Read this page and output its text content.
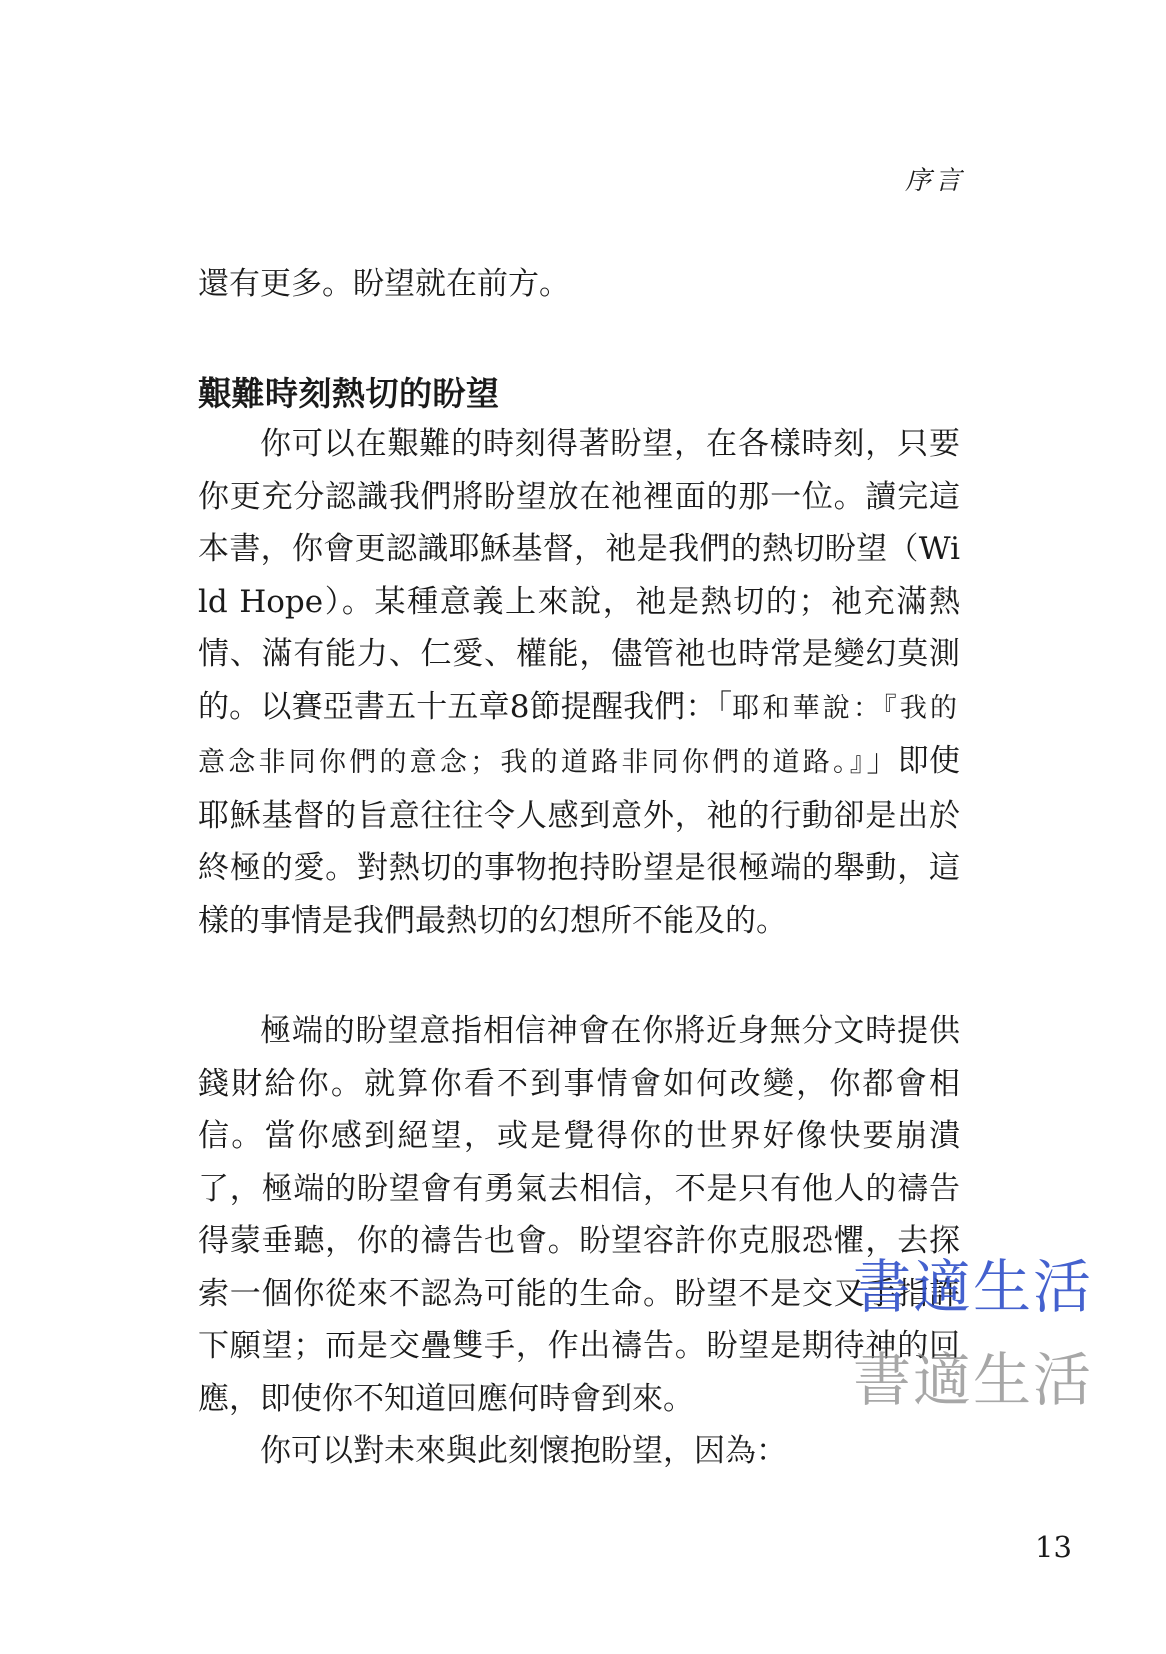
序言
還有更多。盼望就在前方。
艱難時刻熱切的盼望
你可以在艱難的時刻得著盼望，在各樣時刻，只要你更充分認識我們將盼望放在祂裡面的那一位。讀完這本書，你會更認識耶穌基督，祂是我們的熱切盼望（Wild Hope）。某種意義上來說，祂是熱切的；祂充滿熱情、滿有能力、仁愛、權能，儘管祂也時常是變幻莫測的。以賽亞書五十五章8節提醒我們：「耶和華說：『我的意念非同你們的意念；我的道路非同你們的道路。』」即使耶穌基督的旨意往往令人感到意外，祂的行動卻是出於終極的愛。對熱切的事物抱持盼望是很極端的舉動，這樣的事情是我們最熱切的幻想所不能及的。
極端的盼望意指相信神會在你將近身無分文時提供錢財給你。就算你看不到事情會如何改變，你都會相信。當你感到絕望，或是覺得你的世界好像快要崩潰了，極端的盼望會有勇氣去相信，不是只有他人的禱告得蒙垂聽，你的禱告也會。盼望容許你克服恐懼，去探索一個你從來不認為可能的生命。盼望不是交叉手指許下願望；而是交疊雙手，作出禱告。盼望是期待神的回應，即使你不知道回應何時會到來。
你可以對未來與此刻懷抱盼望，因為：
書適生活
書適生活
13
